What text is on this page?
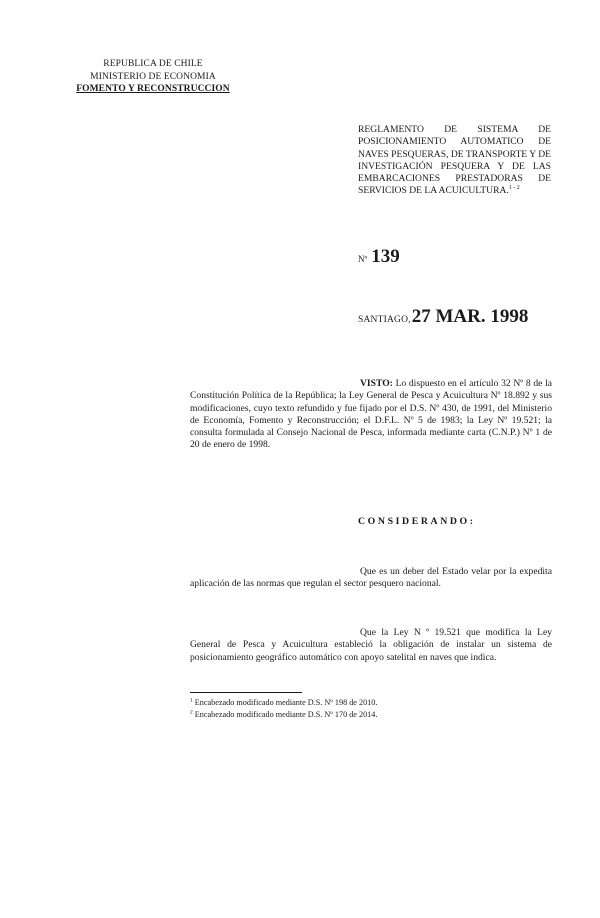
REPUBLICA DE CHILE
MINISTERIO DE ECONOMIA
FOMENTO Y RECONSTRUCCION
REGLAMENTO DE SISTEMA DE POSICIONAMIENTO AUTOMATICO DE NAVES PESQUERAS, DE TRANSPORTE Y DE INVESTIGACIÓN PESQUERA Y DE LAS EMBARCACIONES PRESTADORAS DE SERVICIOS DE LA ACUICULTURA.$^{1 - 2}$
Nº 139
SANTIAGO,27 MAR. 1998
VISTO: Lo dispuesto en el artículo 32 Nº 8 de la Constitución Política de la República; la Ley General de Pesca y Acuicultura Nº 18.892 y sus modificaciones, cuyo texto refundido y fue fijado por el D.S. Nº 430, de 1991, del Ministerio de Economía, Fomento y Reconstrucción; el D.F.L. Nº 5 de 1983; la Ley Nº 19.521; la consulta formulada al Consejo Nacional de Pesca, informada mediante carta (C.N.P.) Nº 1 de 20 de enero de 1998.
CONSIDERANDO:
Que es un deber del Estado velar por la expedita aplicación de las normas que regulan el sector pesquero nacional.
Que la Ley N º 19.521 que modifica la Ley General de Pesca y Acuicultura estableció la obligación de instalar un sistema de posicionamiento geográfico automático con apoyo satelital en naves que indica.
$^1$ Encabezado modificado mediante D.S. Nº 198 de 2010.
$^2$ Encabezado modificado mediante D.S. Nº 170 de 2014.
